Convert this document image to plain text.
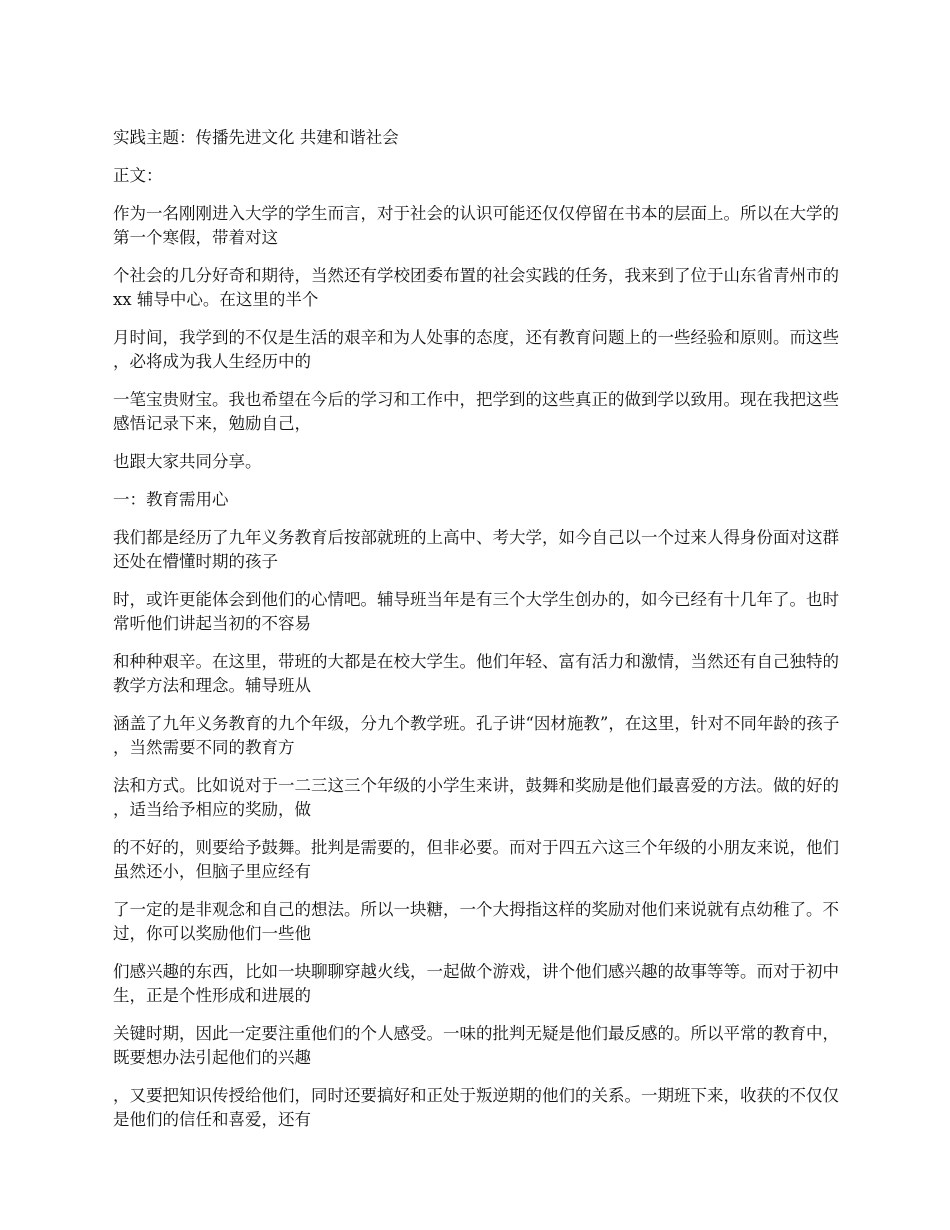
实践主题：传播先进文化 共建和谐社会

正文：

作为一名刚刚进入大学的学生而言，对于社会的认识可能还仅仅停留在书本的层面上。所以在大学的第一个寒假，带着对这

个社会的几分好奇和期待，当然还有学校团委布置的社会实践的任务，我来到了位于山东省青州市的 xx 辅导中心。在这里的半个

月时间，我学到的不仅是生活的艰辛和为人处事的态度，还有教育问题上的一些经验和原则。而这些，必将成为我人生经历中的

一笔宝贵财宝。我也希望在今后的学习和工作中，把学到的这些真正的做到学以致用。现在我把这些感悟记录下来，勉励自己，

也跟大家共同分享。

一：教育需用心

我们都是经历了九年义务教育后按部就班的上高中、考大学，如今自己以一个过来人得身份面对这群还处在懵懂时期的孩子

时，或许更能体会到他们的心情吧。辅导班当年是有三个大学生创办的，如今已经有十几年了。也时常听他们讲起当初的不容易

和种种艰辛。在这里，带班的大都是在校大学生。他们年轻、富有活力和激情，当然还有自己独特的教学方法和理念。辅导班从

涵盖了九年义务教育的九个年级，分九个教学班。孔子讲“因材施教”，在这里，针对不同年龄的孩子，当然需要不同的教育方

法和方式。比如说对于一二三这三个年级的小学生来讲，鼓舞和奖励是他们最喜爱的方法。做的好的，适当给予相应的奖励，做

的不好的，则要给予鼓舞。批判是需要的，但非必要。而对于四五六这三个年级的小朋友来说，他们虽然还小，但脑子里应经有

了一定的是非观念和自己的想法。所以一块糖，一个大拇指这样的奖励对他们来说就有点幼稚了。不过，你可以奖励他们一些他

们感兴趣的东西，比如一块聊聊穿越火线，一起做个游戏，讲个他们感兴趣的故事等等。而对于初中生，正是个性形成和进展的

关键时期，因此一定要注重他们的个人感受。一味的批判无疑是他们最反感的。所以平常的教育中，既要想办法引起他们的兴趣

，又要把知识传授给他们，同时还要搞好和正处于叛逆期的他们的关系。一期班下来，收获的不仅仅是他们的信任和喜爱，还有
